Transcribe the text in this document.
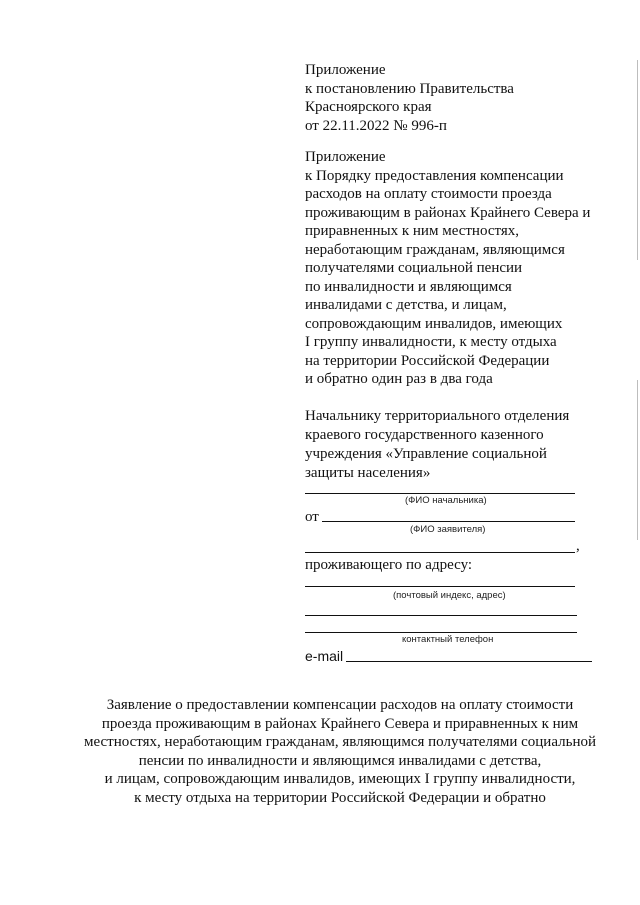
Приложение
к постановлению Правительства
Красноярского края
от 22.11.2022 № 996-п
Приложение
к Порядку предоставления компенсации
расходов на оплату стоимости проезда
проживающим в районах Крайнего Севера и
приравненных к ним местностях,
неработающим гражданам, являющимся
получателями социальной пенсии
по инвалидности и являющимся
инвалидами с детства, и лицам,
сопровождающим инвалидов, имеющих
I группу инвалидности, к месту отдыха
на территории Российской Федерации
и обратно один раз в два года
Начальнику территориального отделения
краевого государственного казенного
учреждения «Управление социальной
защиты населения»
(ФИО начальника)
от
(ФИО заявителя)
,
проживающего по адресу:
(почтовый индекс, адрес)
контактный телефон
e-mail
Заявление о предоставлении компенсации расходов на оплату стоимости
проезда проживающим в районах Крайнего Севера и приравненных к ним
местностях, неработающим гражданам, являющимся получателями социальной
пенсии по инвалидности и являющимся инвалидами с детства,
и лицам, сопровождающим инвалидов, имеющих I группу инвалидности,
к месту отдыха на территории Российской Федерации и обратно
